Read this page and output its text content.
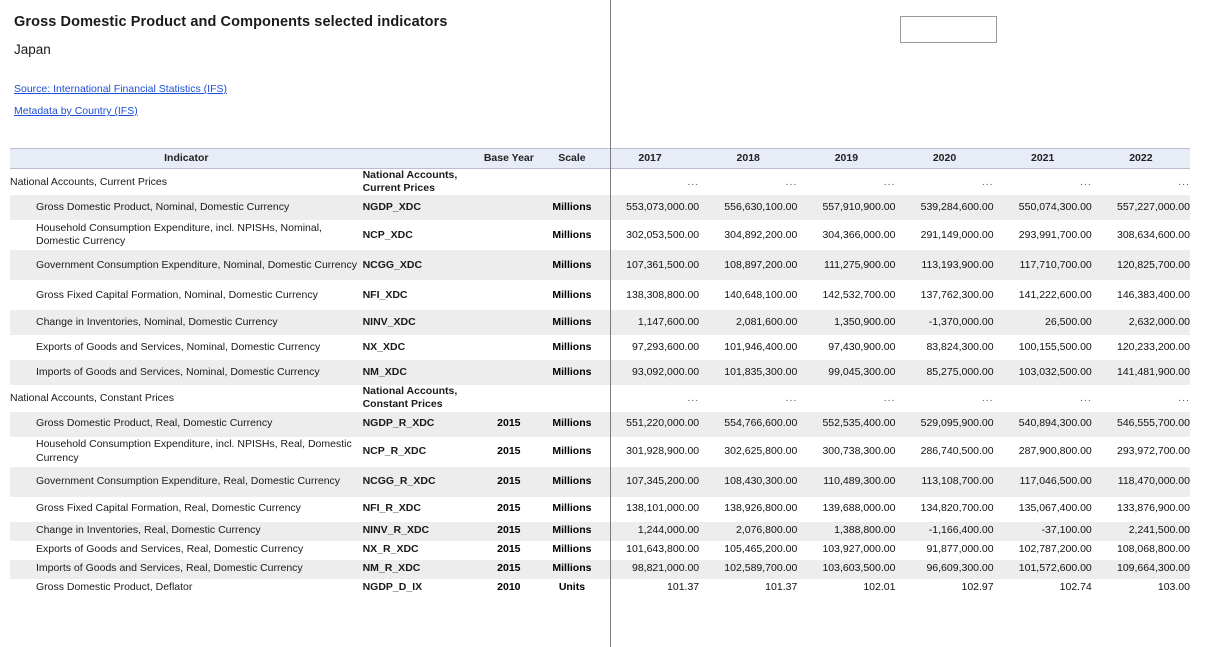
Gross Domestic Product and Components selected indicators
Japan
Source: International Financial Statistics (IFS)
Metadata by Country (IFS)
Indicator		Base Year	Scale	2017	2018	2019	2020	2021	2022
National Accounts, Current Prices	National Accounts, Current Prices			...	...	...	...	...	...
Gross Domestic Product, Nominal, Domestic Currency	NGDP_XDC		Millions	553,073,000.00	556,630,100.00	557,910,900.00	539,284,600.00	550,074,300.00	557,227,000.00
Household Consumption Expenditure, incl. NPISHs, Nominal, Domestic Currency	NCP_XDC		Millions	302,053,500.00	304,892,200.00	304,366,000.00	291,149,000.00	293,991,700.00	308,634,600.00
Government Consumption Expenditure, Nominal, Domestic Currency	NCGG_XDC		Millions	107,361,500.00	108,897,200.00	111,275,900.00	113,193,900.00	117,710,700.00	120,825,700.00
Gross Fixed Capital Formation, Nominal, Domestic Currency	NFI_XDC		Millions	138,308,800.00	140,648,100.00	142,532,700.00	137,762,300.00	141,222,600.00	146,383,400.00
Change in Inventories, Nominal, Domestic Currency	NINV_XDC		Millions	1,147,600.00	2,081,600.00	1,350,900.00	-1,370,000.00	26,500.00	2,632,000.00
Exports of Goods and Services, Nominal, Domestic Currency	NX_XDC		Millions	97,293,600.00	101,946,400.00	97,430,900.00	83,824,300.00	100,155,500.00	120,233,200.00
Imports of Goods and Services, Nominal, Domestic Currency	NM_XDC		Millions	93,092,000.00	101,835,300.00	99,045,300.00	85,275,000.00	103,032,500.00	141,481,900.00
National Accounts, Constant Prices	National Accounts, Constant Prices			...	...	...	...	...	...
Gross Domestic Product, Real, Domestic Currency	NGDP_R_XDC	2015	Millions	551,220,000.00	554,766,600.00	552,535,400.00	529,095,900.00	540,894,300.00	546,555,700.00
Household Consumption Expenditure, incl. NPISHs, Real, Domestic Currency	NCP_R_XDC	2015	Millions	301,928,900.00	302,625,800.00	300,738,300.00	286,740,500.00	287,900,800.00	293,972,700.00
Government Consumption Expenditure, Real, Domestic Currency	NCGG_R_XDC	2015	Millions	107,345,200.00	108,430,300.00	110,489,300.00	113,108,700.00	117,046,500.00	118,470,000.00
Gross Fixed Capital Formation, Real, Domestic Currency	NFI_R_XDC	2015	Millions	138,101,000.00	138,926,800.00	139,688,000.00	134,820,700.00	135,067,400.00	133,876,900.00
Change in Inventories, Real, Domestic Currency	NINV_R_XDC	2015	Millions	1,244,000.00	2,076,800.00	1,388,800.00	-1,166,400.00	-37,100.00	2,241,500.00
Exports of Goods and Services, Real, Domestic Currency	NX_R_XDC	2015	Millions	101,643,800.00	105,465,200.00	103,927,000.00	91,877,000.00	102,787,200.00	108,068,800.00
Imports of Goods and Services, Real, Domestic Currency	NM_R_XDC	2015	Millions	98,821,000.00	102,589,700.00	103,603,500.00	96,609,300.00	101,572,600.00	109,664,300.00
Gross Domestic Product, Deflator	NGDP_D_IX	2010	Units	101.37	101.37	102.01	102.97	102.74	103.00
